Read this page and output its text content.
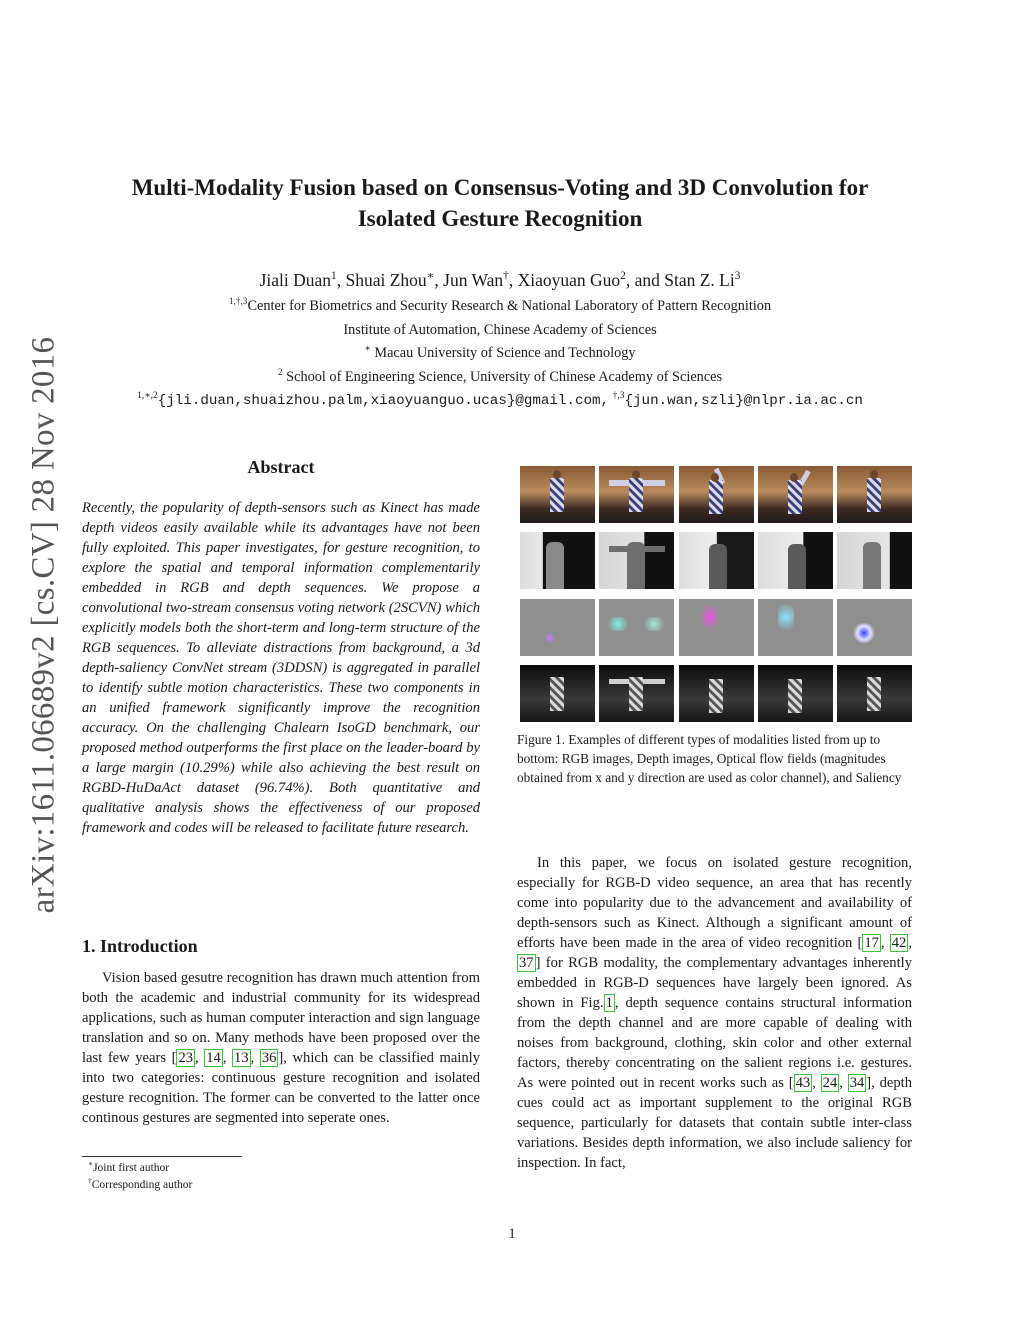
arXiv:1611.06689v2 [cs.CV] 28 Nov 2016
Multi-Modality Fusion based on Consensus-Voting and 3D Convolution for
Isolated Gesture Recognition
Jiali Duan$^1$, Shuai Zhou∗, Jun Wan†, Xiaoyuan Guo$^2$, and Stan Z. Li$^3$
$^{1,\dagger,3}$Center for Biometrics and Security Research & National Laboratory of Pattern Recognition
Institute of Automation, Chinese Academy of Sciences
∗ Macau University of Science and Technology
$^2$ School of Engineering Science, University of Chinese Academy of Sciences
$^{1,∗,2}${jli.duan,shuaizhou.palm,xiaoyuanguo.ucas}@gmail.com, $^{\dagger,3}${jun.wan,szli}@nlpr.ia.ac.cn
Abstract
Recently, the popularity of depth-sensors such as Kinect has made depth videos easily available while its advantages have not been fully exploited. This paper investigates, for gesture recognition, to explore the spatial and temporal information complementarily embedded in RGB and depth sequences. We propose a convolutional two-stream consensus voting network (2SCVN) which explicitly models both the short-term and long-term structure of the RGB sequences. To alleviate distractions from background, a 3d depth-saliency ConvNet stream (3DDSN) is aggregated in parallel to identify subtle motion characteristics. These two components in an unified framework significantly improve the recognition accuracy. On the challenging Chalearn IsoGD benchmark, our proposed method outperforms the first place on the leader-board by a large margin (10.29%) while also achieving the best result on RGBD-HuDaAct dataset (96.74%). Both quantitative and qualitative analysis shows the effectiveness of our proposed framework and codes will be released to facilitate future research.
1. Introduction

Vision based gesutre recognition has drawn much attention from both the academic and industrial community for its widespread applications, such as human computer interaction and sign language translation and so on. Many methods have been proposed over the last few years [ 23 , 14 , 13 , 36 ], which can be classified mainly into two categories: continuous gesture recognition and isolated gesture recognition. The former can be converted to the latter once continous gestures are segmented into seperate ones.

In this paper, we focus on isolated gesture recognition, especially for RGB-D video sequence, an area that has recently come into popularity due to the advancement and availability of depth-sensors such as Kinect. Although a significant amount of efforts have been made in the area of video recognition [ 17 , 42 , 37 ] for RGB modality, the complementary advantages inherently embedded in RGB-D sequences have largely been ignored. As shown in Fig. 1 , depth sequence contains structural information from the depth channel and are more capable of dealing with noises from background, clothing, skin color and other external factors, thereby concentrating on the salient regions i.e. gestures. As were pointed out in recent works such as [ 43 , 24 , 34 ], depth cues could act as important supplement to the original RGB sequence, particularly for datasets that contain subtle inter-class variations. Besides depth information, we also include saliency for inspection. In fact,

Figure 1. Examples of different types of modalities listed from up to bottom: RGB images, Depth images, Optical flow fields (magnitudes obtained from x and y direction are used as color channel), and Saliency
∗Joint first author
†Corresponding author
1
